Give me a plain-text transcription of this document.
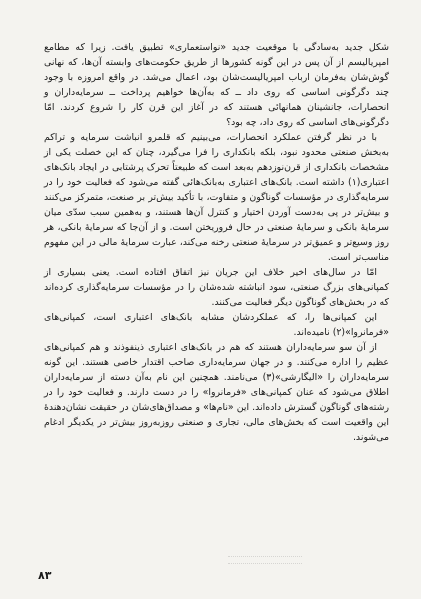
شکل جدید به‌سادگی با موقعیت جدید «نواستعماری» تطبیق یافت. زیرا که مطامع امپریالیسم از آن پس در این گونه کشورها از طریق حکومت‌های وابسته آن‌ها، که نهانی گوش‌شان به‌فرمان ارباب امپریالیست‌شان بود، اعمال می‌شد. در واقع امروزه با وجود چند دگرگونی اساسی که روی داد ــ که به‌آن‌ها خواهیم پرداخت ــ سرمایه‌داران و انحصارات، جانشینان همانهائی هستند که در آغاز این قرن کار را شروع کردند. امّا دگرگونی‌های اساسی که روی داد، چه بود؟

با در نظر گرفتن عملکرد انحصارات، می‌بینیم که قلمرو انباشت سرمایه و تراکم به‌بخش صنعتی محدود نبود، بلکه بانکداری را فرا می‌گیرد، چنان که این خصلت یکی از مشخصات بانکداری از قرن‌نوزدهم به‌بعد است که طبیعتاً تحرک پرشتابی در ایجاد بانک‌های اعتباری(۱) داشته است. بانک‌های اعتباری به‌بانک‌هائی گفته می‌شود که فعالیت خود را در سرمایه‌گذاری در مؤسسات گوناگون و متفاوت، با تأکید بیش‌تر بر صنعت، متمرکز می‌کنند و بیش‌تر در پی به‌دست آوردن اختیار و کنترل آن‌ها هستند، و به‌همین سبب سدّی میان سرمایهٔ بانکی و سرمایهٔ صنعتی در حال فروریختن است. و از آن‌جا که سرمایهٔ بانکی، هر روز وسیع‌تر و عمیق‌تر در سرمایهٔ صنعتی رخنه می‌کند، عبارت سرمایهٔ مالی در این مفهوم مناسب‌تر است.

امّا در سال‌های اخیر خلاف این جریان نیز اتفاق افتاده است. یعنی بسیاری از کمپانی‌های بزرگ صنعتی، سود انباشته شده‌شان را در مؤسسات سرمایه‌گذاری کرده‌اند که در بخش‌های گوناگون دیگر فعالیت می‌کنند.

این کمپانی‌ها را، که عملکردشان مشابه بانک‌های اعتباری است، کمپانی‌های «فرمانروا»(۲) نامیده‌اند.

از آن سو سرمایه‌داران هستند که هم در بانک‌های اعتباری ذینفوذند و هم کمپانی‌های عظیم را اداره می‌کنند. و در جهان سرمایه‌داری صاحب اقتدار خاصی هستند. این گونه سرمایه‌داران را «الیگارشی»(۳) می‌نامند. همچنین این نام به‌آن دسته از سرمایه‌داران اطلاق می‌شود که عنان کمپانی‌های «فرمانروا» را در دست دارند. و فعالیت خود را در رشته‌های گوناگون گسترش داده‌اند. این «نام‌ها» و مصداق‌های‌شان در حقیقت نشان‌دهندهٔ این واقعیت است که بخش‌های مالی، تجاری و صنعتی روز‌به‌روز بیش‌تر در یکدیگر ادغام می‌شوند.

۸۳
